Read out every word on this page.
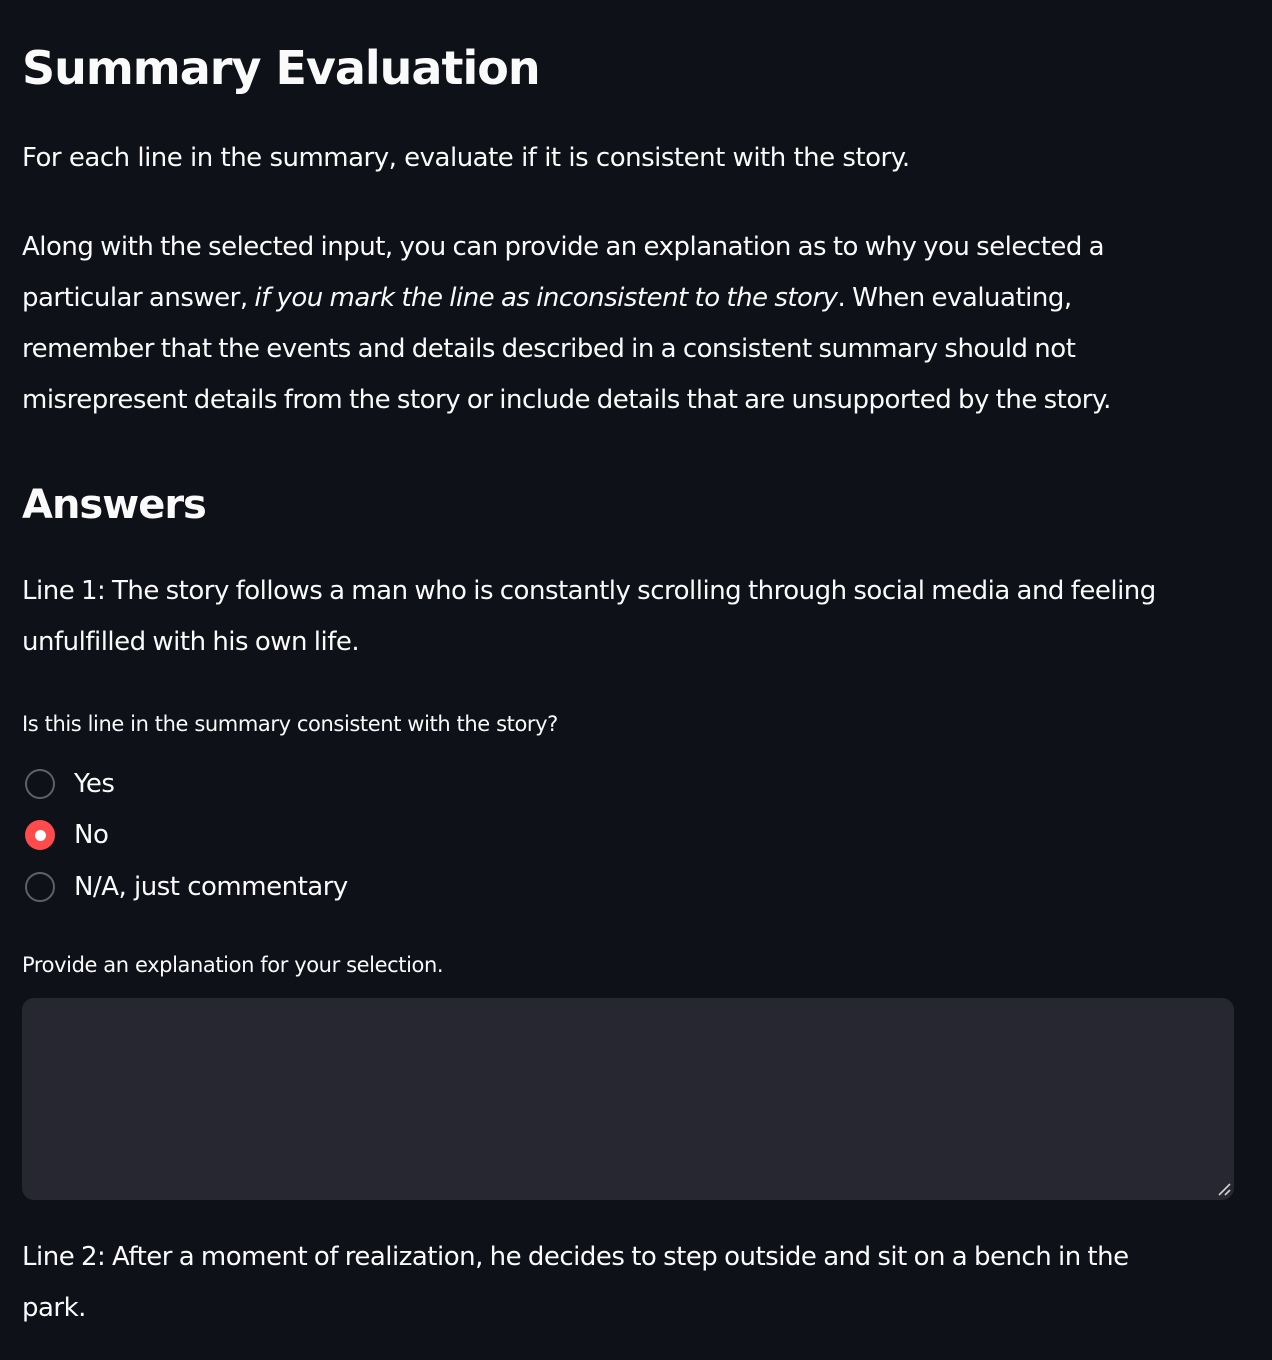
Summary Evaluation

For each line in the summary, evaluate if it is consistent with the story.

Along with the selected input, you can provide an explanation as to why you selected a
particular answer, if you mark the line as inconsistent to the story. When evaluating,
remember that the events and details described in a consistent summary should not
misrepresent details from the story or include details that are unsupported by the story.

Answers

Line 1: The story follows a man who is constantly scrolling through social media and feeling
unfulfilled with his own life.

Is this line in the summary consistent with the story?

Yes
No
N/A, just commentary

Provide an explanation for your selection.

Line 2: After a moment of realization, he decides to step outside and sit on a bench in the
park.
